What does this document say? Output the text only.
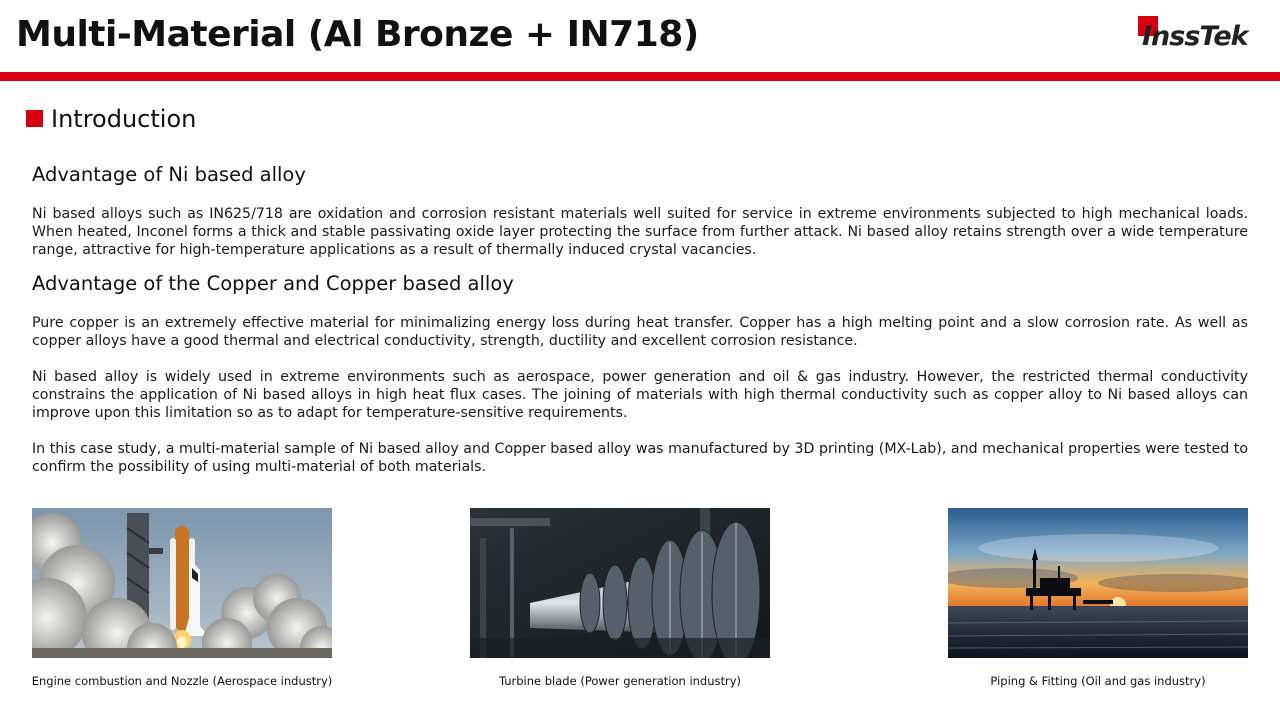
Multi-Material (Al Bronze + IN718)	InssTek
Introduction
Advantage of Ni based alloy

Ni based alloys such as IN625/718 are oxidation and corrosion resistant materials well suited for service in extreme environments subjected to high mechanical loads. When heated, Inconel forms a thick and stable passivating oxide layer protecting the surface from further attack. Ni based alloy retains strength over a wide temperature range, attractive for high-temperature applications as a result of thermally induced crystal vacancies.

Advantage of the Copper and Copper based alloy

Pure copper is an extremely effective material for minimalizing energy loss during heat transfer. Copper has a high melting point and a slow corrosion rate. As well as copper alloys have a good thermal and electrical conductivity, strength, ductility and excellent corrosion resistance.

Ni based alloy is widely used in extreme environments such as aerospace, power generation and oil & gas industry. However, the restricted thermal conductivity constrains the application of Ni based alloys in high heat flux cases. The joining of materials with high thermal conductivity such as copper alloy to Ni based alloys can improve upon this limitation so as to adapt for temperature-sensitive requirements.

In this case study, a multi-material sample of Ni based alloy and Copper based alloy was manufactured by 3D printing (MX-Lab), and mechanical properties were tested to confirm the possibility of using multi-material of both materials.

Engine combustion and Nozzle (Aerospace industry)	Turbine blade (Power generation industry)	Piping & Fitting (Oil and gas industry)
